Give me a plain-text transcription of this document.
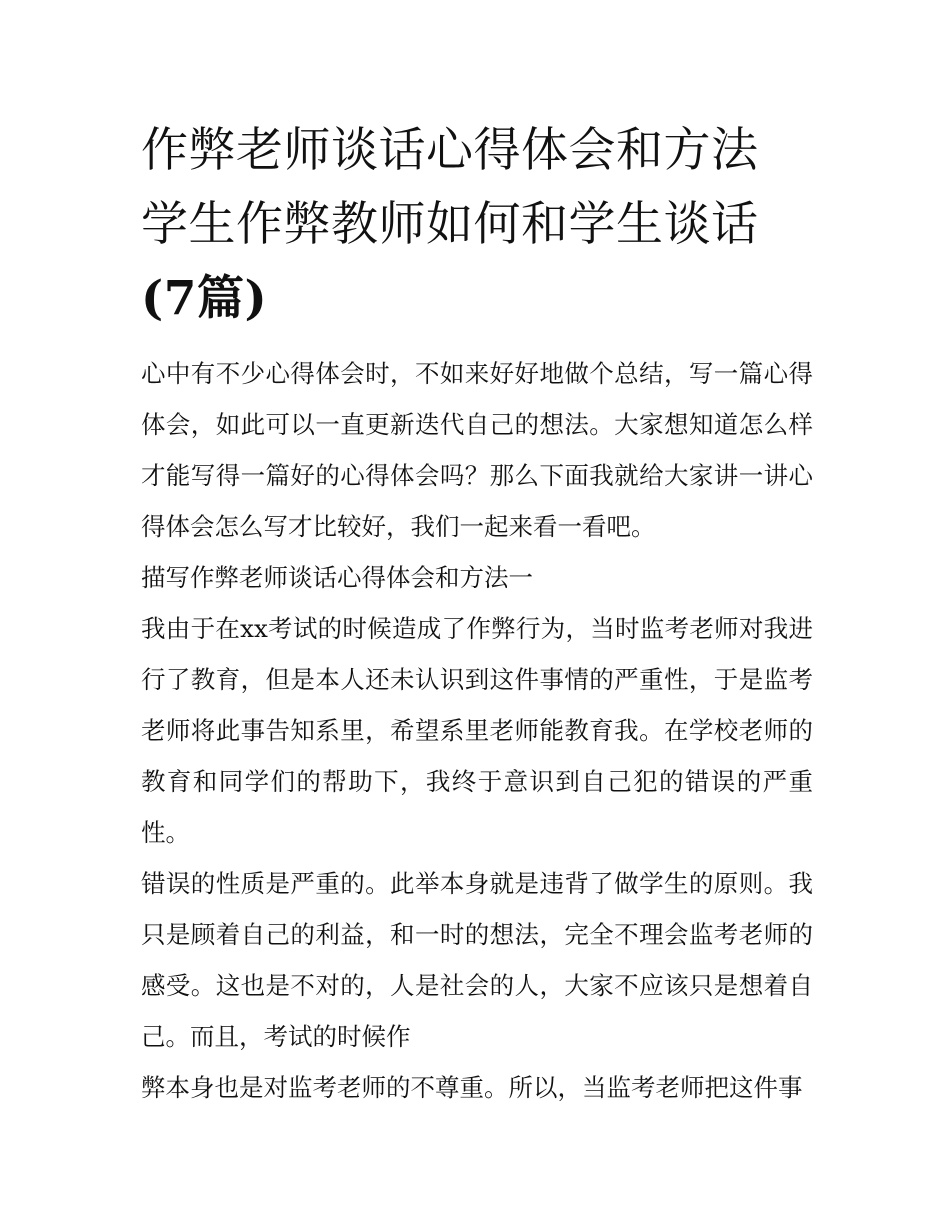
作弊老师谈话心得体会和方法
学生作弊教师如何和学生谈话
(7篇)

心中有不少心得体会时，不如来好好地做个总结，写一篇心得体会，如此可以一直更新迭代自己的想法。大家想知道怎么样才能写得一篇好的心得体会吗？那么下面我就给大家讲一讲心得体会怎么写才比较好，我们一起来看一看吧。

描写作弊老师谈话心得体会和方法一

我由于在xx考试的时候造成了作弊行为，当时监考老师对我进行了教育，但是本人还未认识到这件事情的严重性，于是监考老师将此事告知系里，希望系里老师能教育我。在学校老师的教育和同学们的帮助下，我终于意识到自己犯的错误的严重性。

错误的性质是严重的。此举本身就是违背了做学生的原则。我只是顾着自己的利益，和一时的想法，完全不理会监考老师的感受。这也是不对的，人是社会的人，大家不应该只是想着自己。而且，考试的时候作

弊本身也是对监考老师的不尊重。所以，当监考老师把这件事
